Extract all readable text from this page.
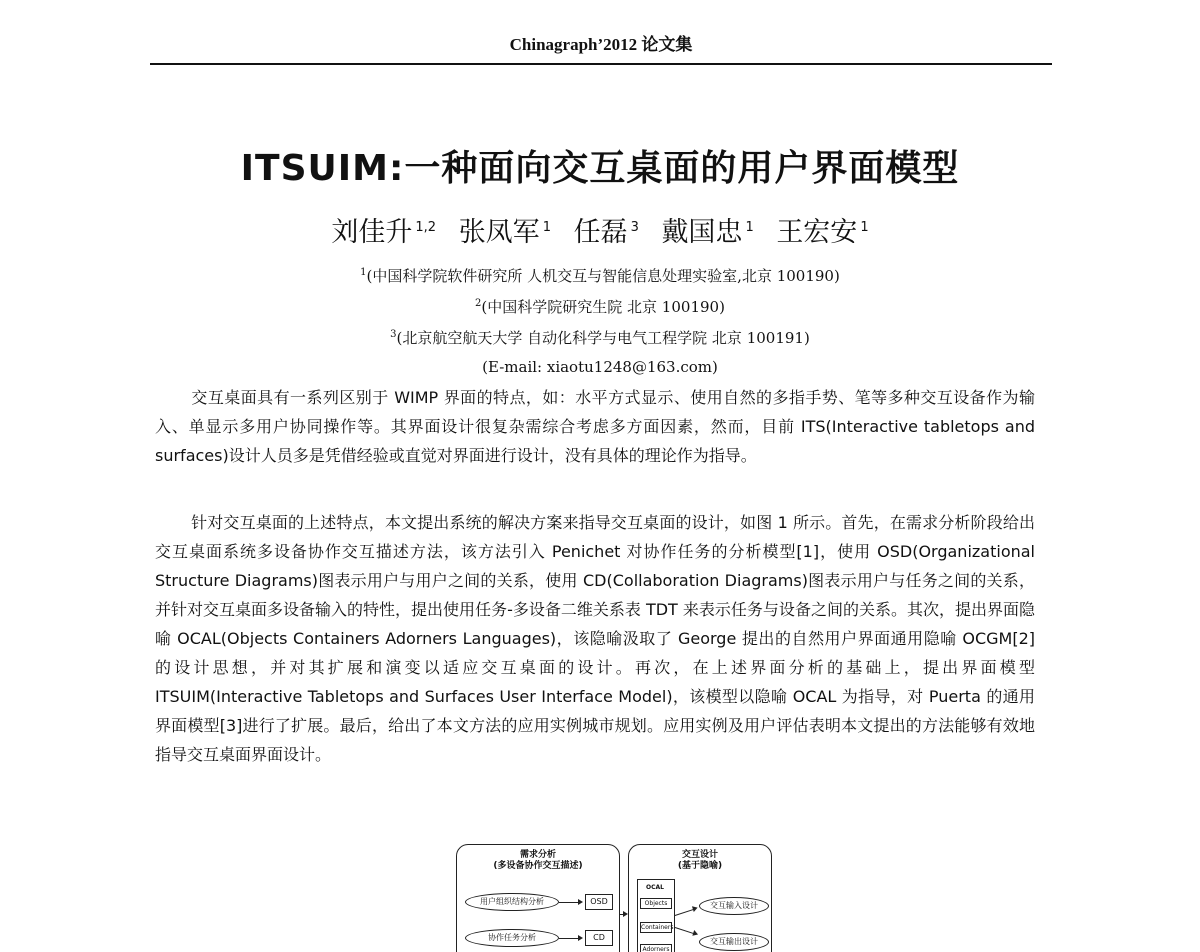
Chinagraph’2012 论文集
ITSUIM:一种面向交互桌面的用户界面模型
刘佳升 $^{1,2}$ 张凤军 $^1$ 任磊 $^3$ 戴国忠 $^1$ 王宏安 $^1$
$^1$(中国科学院软件研究所 人机交互与智能信息处理实验室,北京 100190)
$^2$(中国科学院研究生院 北京 100190)
$^3$(北京航空航天大学 自动化科学与电气工程学院 北京 100191)
(E-mail: xiaotu1248@163.com)
交互桌面具有一系列区别于 WIMP 界面的特点，如：水平方式显示、使用自然的多指手势、笔等多种交互设备作为输入、单显示多用户协同操作等。其界面设计很复杂需综合考虑多方面因素，然而，目前 ITS(Interactive tabletops and surfaces)设计人员多是凭借经验或直觉对界面进行设计，没有具体的理论作为指导。
针对交互桌面的上述特点，本文提出系统的解决方案来指导交互桌面的设计，如图 1 所示。首先，在需求分析阶段给出交互桌面系统多设备协作交互描述方法，该方法引入 Penichet 对协作任务的分析模型[1]，使用 OSD(Organizational Structure Diagrams)图表示用户与用户之间的关系，使用 CD(Collaboration Diagrams)图表示用户与任务之间的关系，并针对交互桌面多设备输入的特性，提出使用任务-多设备二维关系表 TDT 来表示任务与设备之间的关系。其次，提出界面隐喻 OCAL(Objects Containers Adorners Languages)，该隐喻汲取了 George 提出的自然用户界面通用隐喻 OCGM[2]的设计思想，并对其扩展和演变以适应交互桌面的设计。再次，在上述界面分析的基础上，提出界面模型 ITSUIM(Interactive Tabletops and Surfaces User Interface Model)，该模型以隐喻 OCAL 为指导，对 Puerta 的通用界面模型[3]进行了扩展。最后，给出了本文方法的应用实例城市规划。应用实例及用户评估表明本文提出的方法能够有效地指导交互桌面界面设计。
需求分析
(多设备协作交互描述)
用户组织结构分析	OSD
协作任务分析	CD
交互设计
(基于隐喻)
OCAL
Objects
Containers
Adorners
交互输入设计
交互输出设计
